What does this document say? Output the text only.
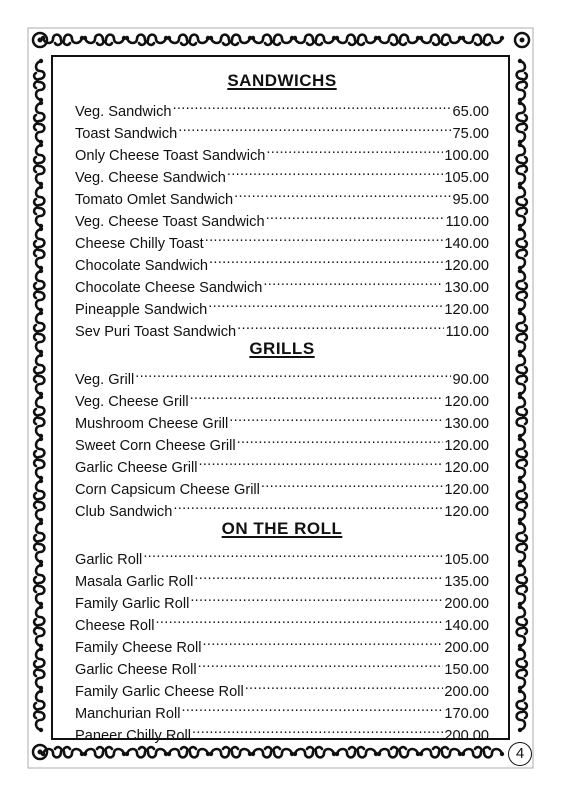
SANDWICHS
Veg. Sandwich .....	65.00
Toast Sandwich .....	75.00
Only Cheese Toast Sandwich .....	100.00
Veg. Cheese Sandwich .....	105.00
Tomato Omlet Sandwich .....	95.00
Veg. Cheese Toast Sandwich .....	110.00
Cheese Chilly Toast .....	140.00
Chocolate Sandwich .....	120.00
Chocolate Cheese Sandwich .....	130.00
Pineapple Sandwich .....	120.00
Sev Puri Toast Sandwich .....	110.00
GRILLS
Veg. Grill .....	90.00
Veg. Cheese Grill .....	120.00
Mushroom Cheese Grill .....	130.00
Sweet Corn Cheese Grill .....	120.00
Garlic Cheese Grill .....	120.00
Corn Capsicum Cheese Grill .....	120.00
Club Sandwich .....	120.00
ON THE ROLL
Garlic Roll .....	105.00
Masala Garlic Roll .....	135.00
Family Garlic Roll .....	200.00
Cheese Roll .....	140.00
Family Cheese Roll .....	200.00
Garlic Cheese Roll .....	150.00
Family Garlic Cheese Roll .....	200.00
Manchurian Roll .....	170.00
Paneer Chilly Roll .....	200.00
4
